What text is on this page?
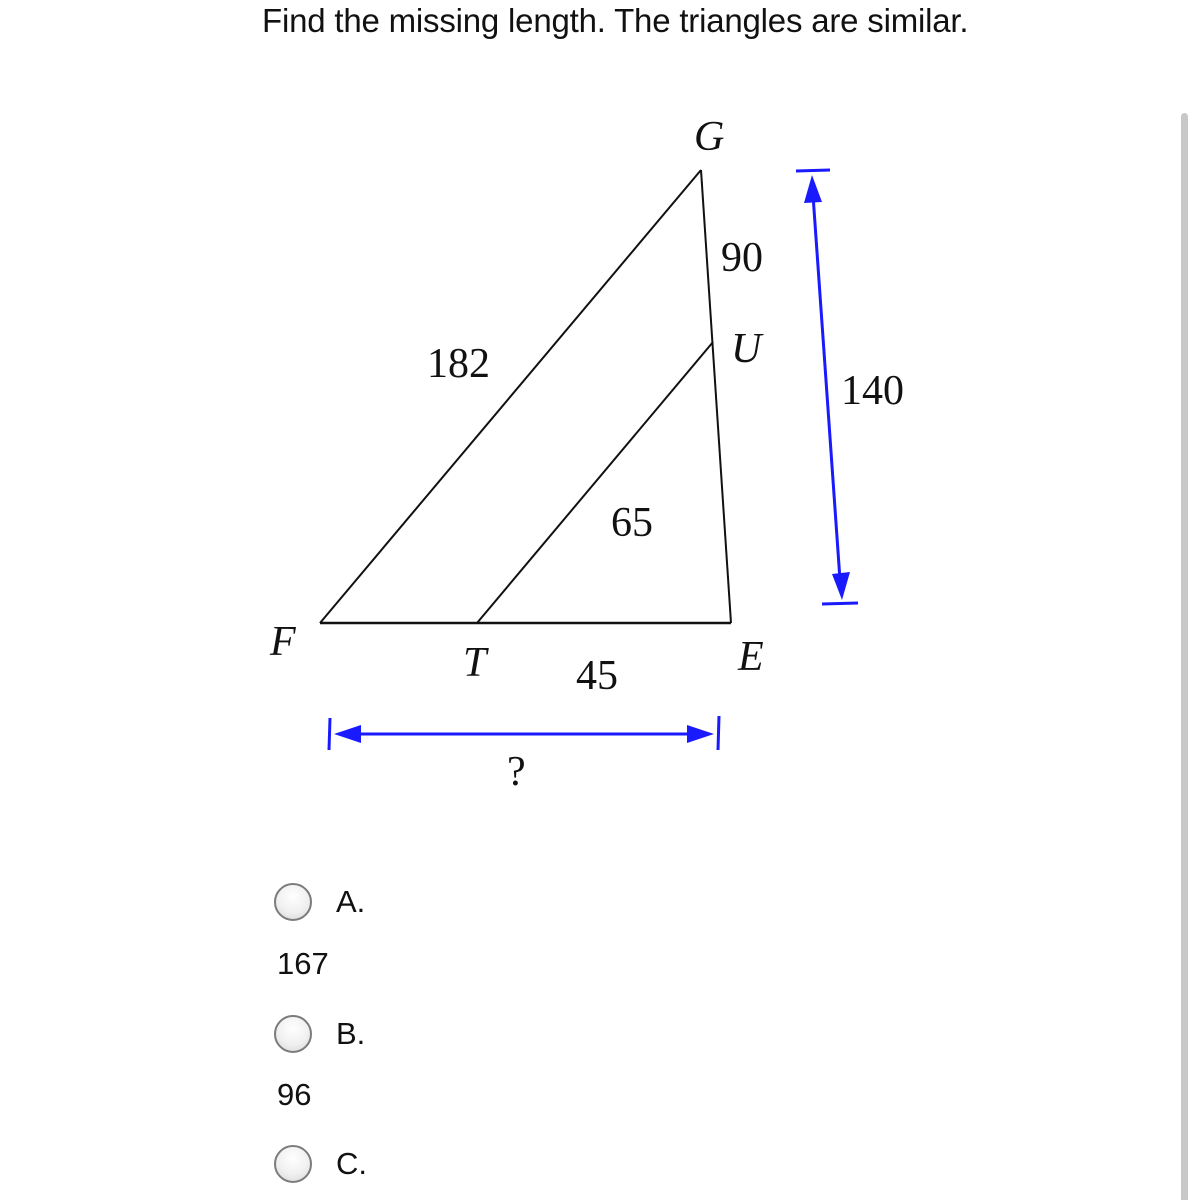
Find the missing length. The triangles are similar.
G
U
F	T	E
182
90
140
65
45
?
A.
167
B.
96
C.
